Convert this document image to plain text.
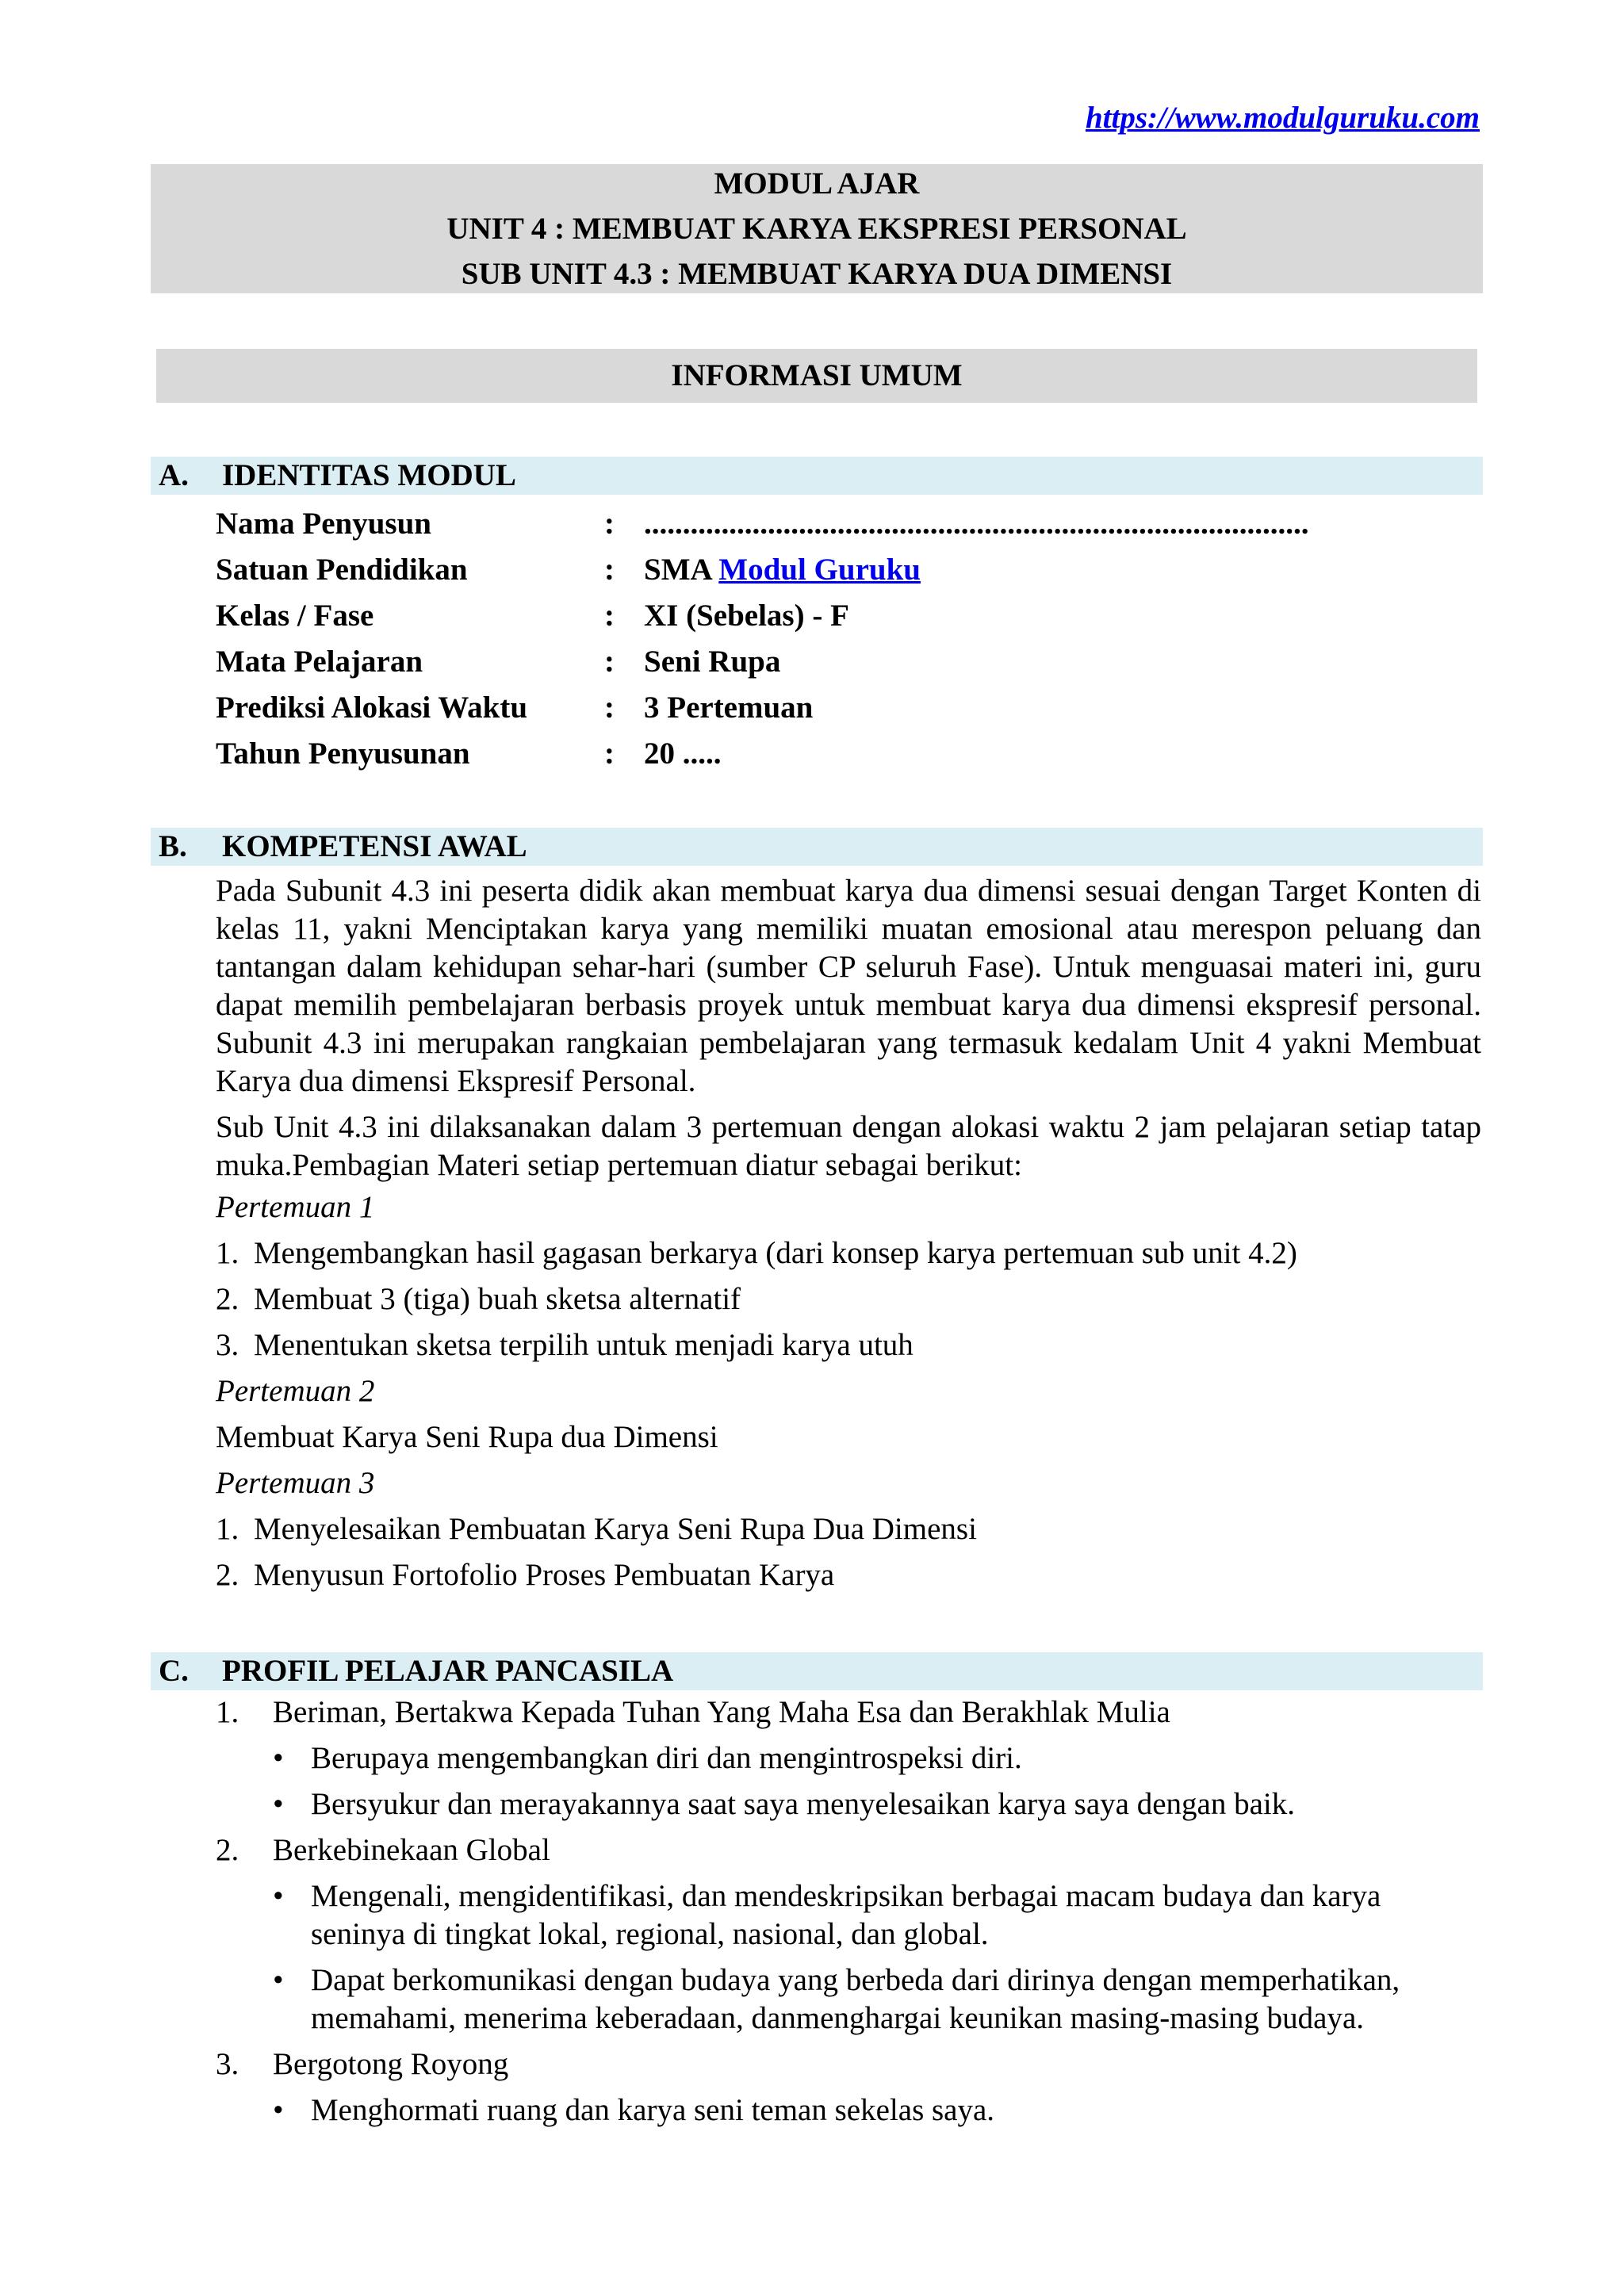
https://www.modulguruku.com
MODUL AJAR
UNIT 4 : MEMBUAT KARYA EKSPRESI PERSONAL
SUB UNIT 4.3 : MEMBUAT KARYA DUA DIMENSI
INFORMASI UMUM
A.	IDENTITAS MODUL
Nama Penyusun	: ......................................................................................
Satuan Pendidikan	: SMA Modul Guruku
Kelas / Fase	: XI (Sebelas) - F
Mata Pelajaran	: Seni Rupa
Prediksi Alokasi Waktu	: 3 Pertemuan
Tahun Penyusunan	: 20 .....
B.	KOMPETENSI AWAL

Pada Subunit 4.3 ini peserta didik akan membuat karya dua dimensi sesuai dengan Target Konten di kelas 11, yakni Menciptakan karya yang memiliki muatan emosional atau merespon peluang dan tantangan dalam kehidupan sehar-hari (sumber CP seluruh Fase). Untuk menguasai materi ini, guru dapat memilih pembelajaran berbasis proyek untuk membuat karya dua dimensi ekspresif personal. Subunit 4.3 ini merupakan rangkaian pembelajaran yang termasuk kedalam Unit 4 yakni Membuat Karya dua dimensi Ekspresif Personal.

Sub Unit 4.3 ini dilaksanakan dalam 3 pertemuan dengan alokasi waktu 2 jam pelajaran setiap tatap muka.Pembagian Materi setiap pertemuan diatur sebagai berikut:

Pertemuan 1
1. Mengembangkan hasil gagasan berkarya (dari konsep karya pertemuan sub unit 4.2)
2. Membuat 3 (tiga) buah sketsa alternatif
3. Menentukan sketsa terpilih untuk menjadi karya utuh
Pertemuan 2
Membuat Karya Seni Rupa dua Dimensi
Pertemuan 3
1. Menyelesaikan Pembuatan Karya Seni Rupa Dua Dimensi
2. Menyusun Fortofolio Proses Pembuatan Karya
C.	PROFIL PELAJAR PANCASILA
1.	Beriman, Bertakwa Kepada Tuhan Yang Maha Esa dan Berakhlak Mulia
• Berupaya mengembangkan diri dan mengintrospeksi diri.
• Bersyukur dan merayakannya saat saya menyelesaikan karya saya dengan baik.
2.	Berkebinekaan Global
• Mengenali, mengidentifikasi, dan mendeskripsikan berbagai macam budaya dan karya seninya di tingkat lokal, regional, nasional, dan global.
• Dapat berkomunikasi dengan budaya yang berbeda dari dirinya dengan memperhatikan, memahami, menerima keberadaan, danmenghargai keunikan masing-masing budaya.
3.	Bergotong Royong
• Menghormati ruang dan karya seni teman sekelas saya.
